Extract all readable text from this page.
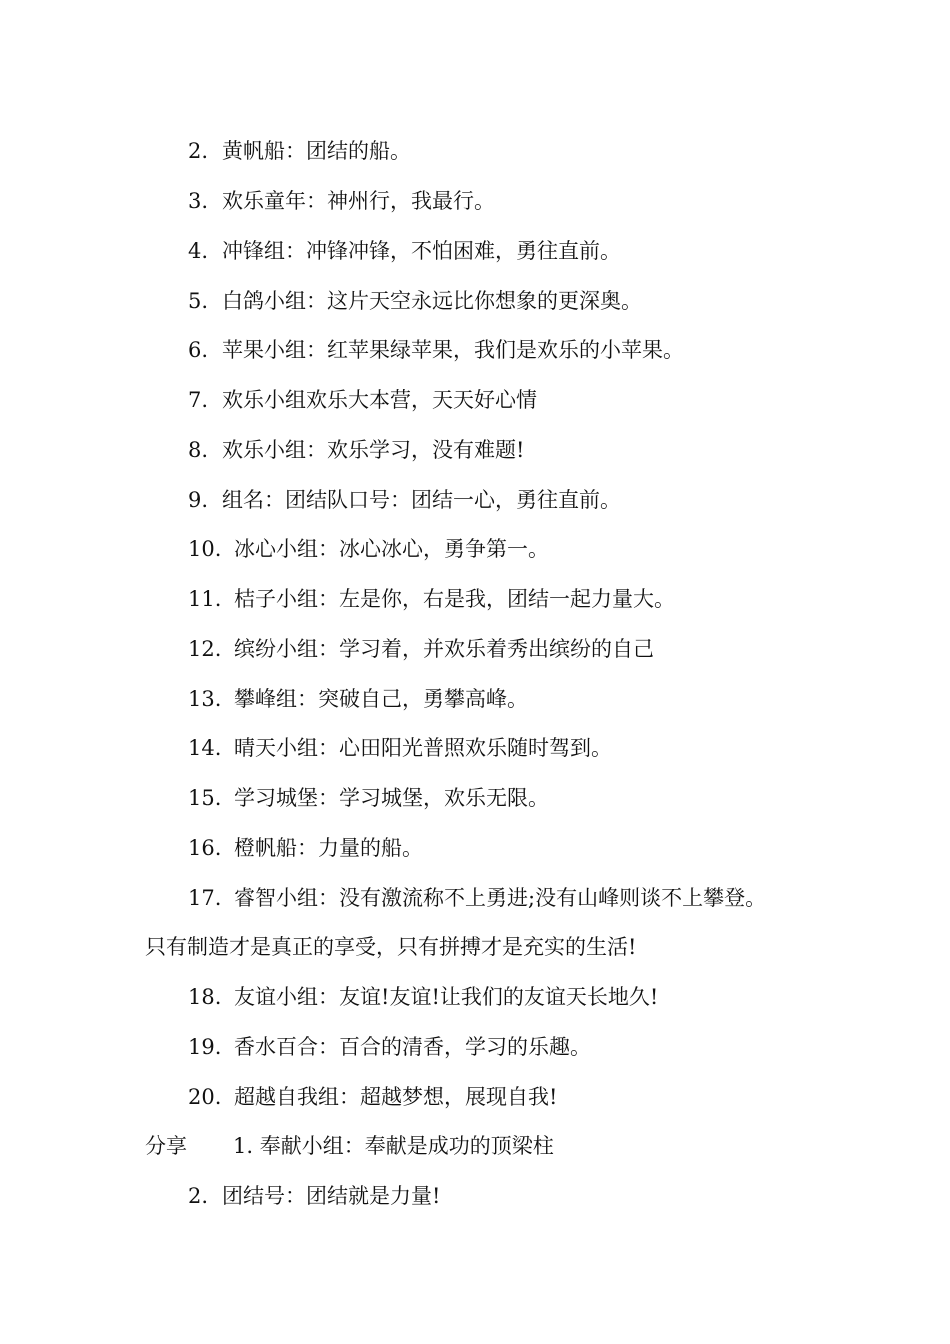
2. 黄帆船：团结的船。
3. 欢乐童年：神州行，我最行。
4. 冲锋组：冲锋冲锋，不怕困难，勇往直前。
5. 白鸽小组：这片天空永远比你想象的更深奥。
6. 苹果小组：红苹果绿苹果，我们是欢乐的小苹果。
7. 欢乐小组欢乐大本营，天天好心情
8. 欢乐小组：欢乐学习，没有难题!
9. 组名：团结队口号：团结一心，勇往直前。
10. 冰心小组：冰心冰心，勇争第一。
11. 桔子小组：左是你，右是我，团结一起力量大。
12. 缤纷小组：学习着，并欢乐着秀出缤纷的自己
13. 攀峰组：突破自己，勇攀高峰。
14. 晴天小组：心田阳光普照欢乐随时驾到。
15. 学习城堡：学习城堡，欢乐无限。
16. 橙帆船：力量的船。
17. 睿智小组：没有激流称不上勇进;没有山峰则谈不上攀登。
只有制造才是真正的享受，只有拼搏才是充实的生活!
18. 友谊小组：友谊!友谊!让我们的友谊天长地久!
19. 香水百合：百合的清香，学习的乐趣。
20. 超越自我组：超越梦想，展现自我!
分享 1. 奉献小组：奉献是成功的顶梁柱
2. 团结号：团结就是力量!
